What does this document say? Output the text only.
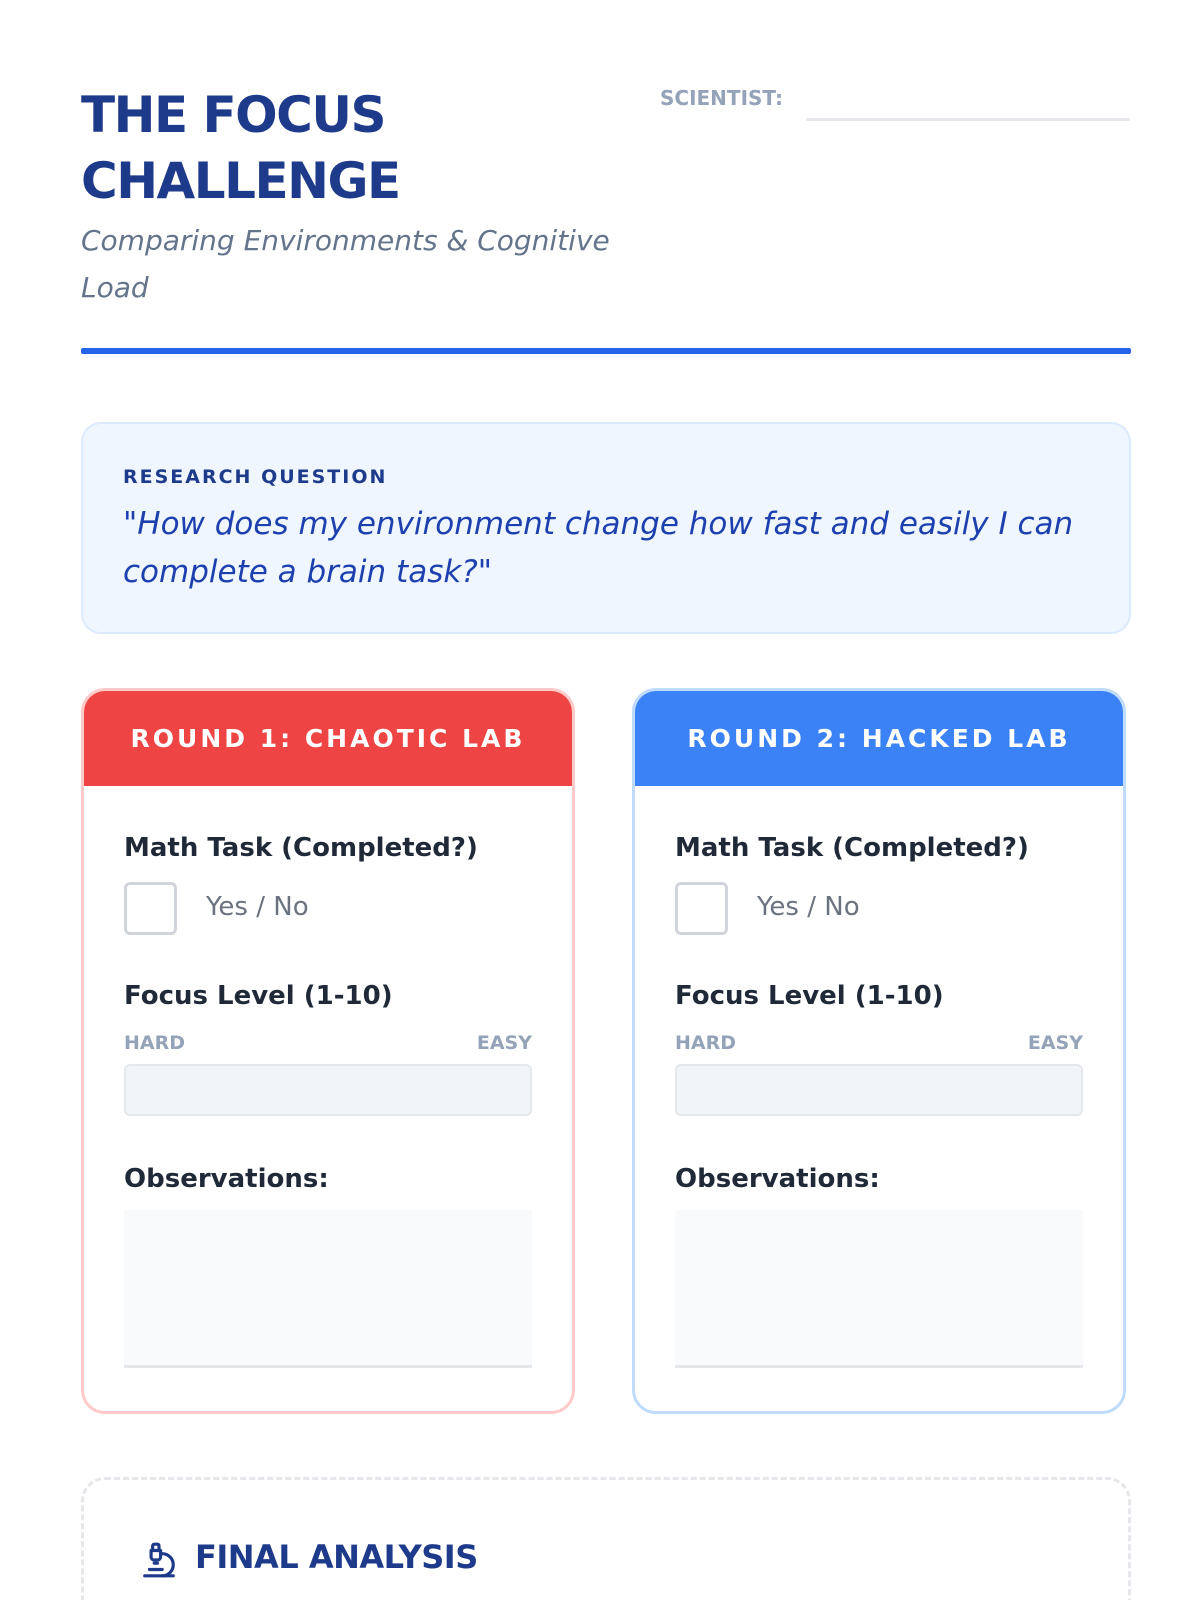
THE FOCUS CHALLENGE
Comparing Environments & Cognitive Load
SCIENTIST:
RESEARCH QUESTION
"How does my environment change how fast and easily I can complete a brain task?"
ROUND 1: CHAOTIC LAB
Math Task (Completed?)
Yes / No
Focus Level (1-10)
HARD	EASY
Observations:
ROUND 2: HACKED LAB
Math Task (Completed?)
Yes / No
Focus Level (1-10)
HARD	EASY
Observations:
FINAL ANALYSIS
